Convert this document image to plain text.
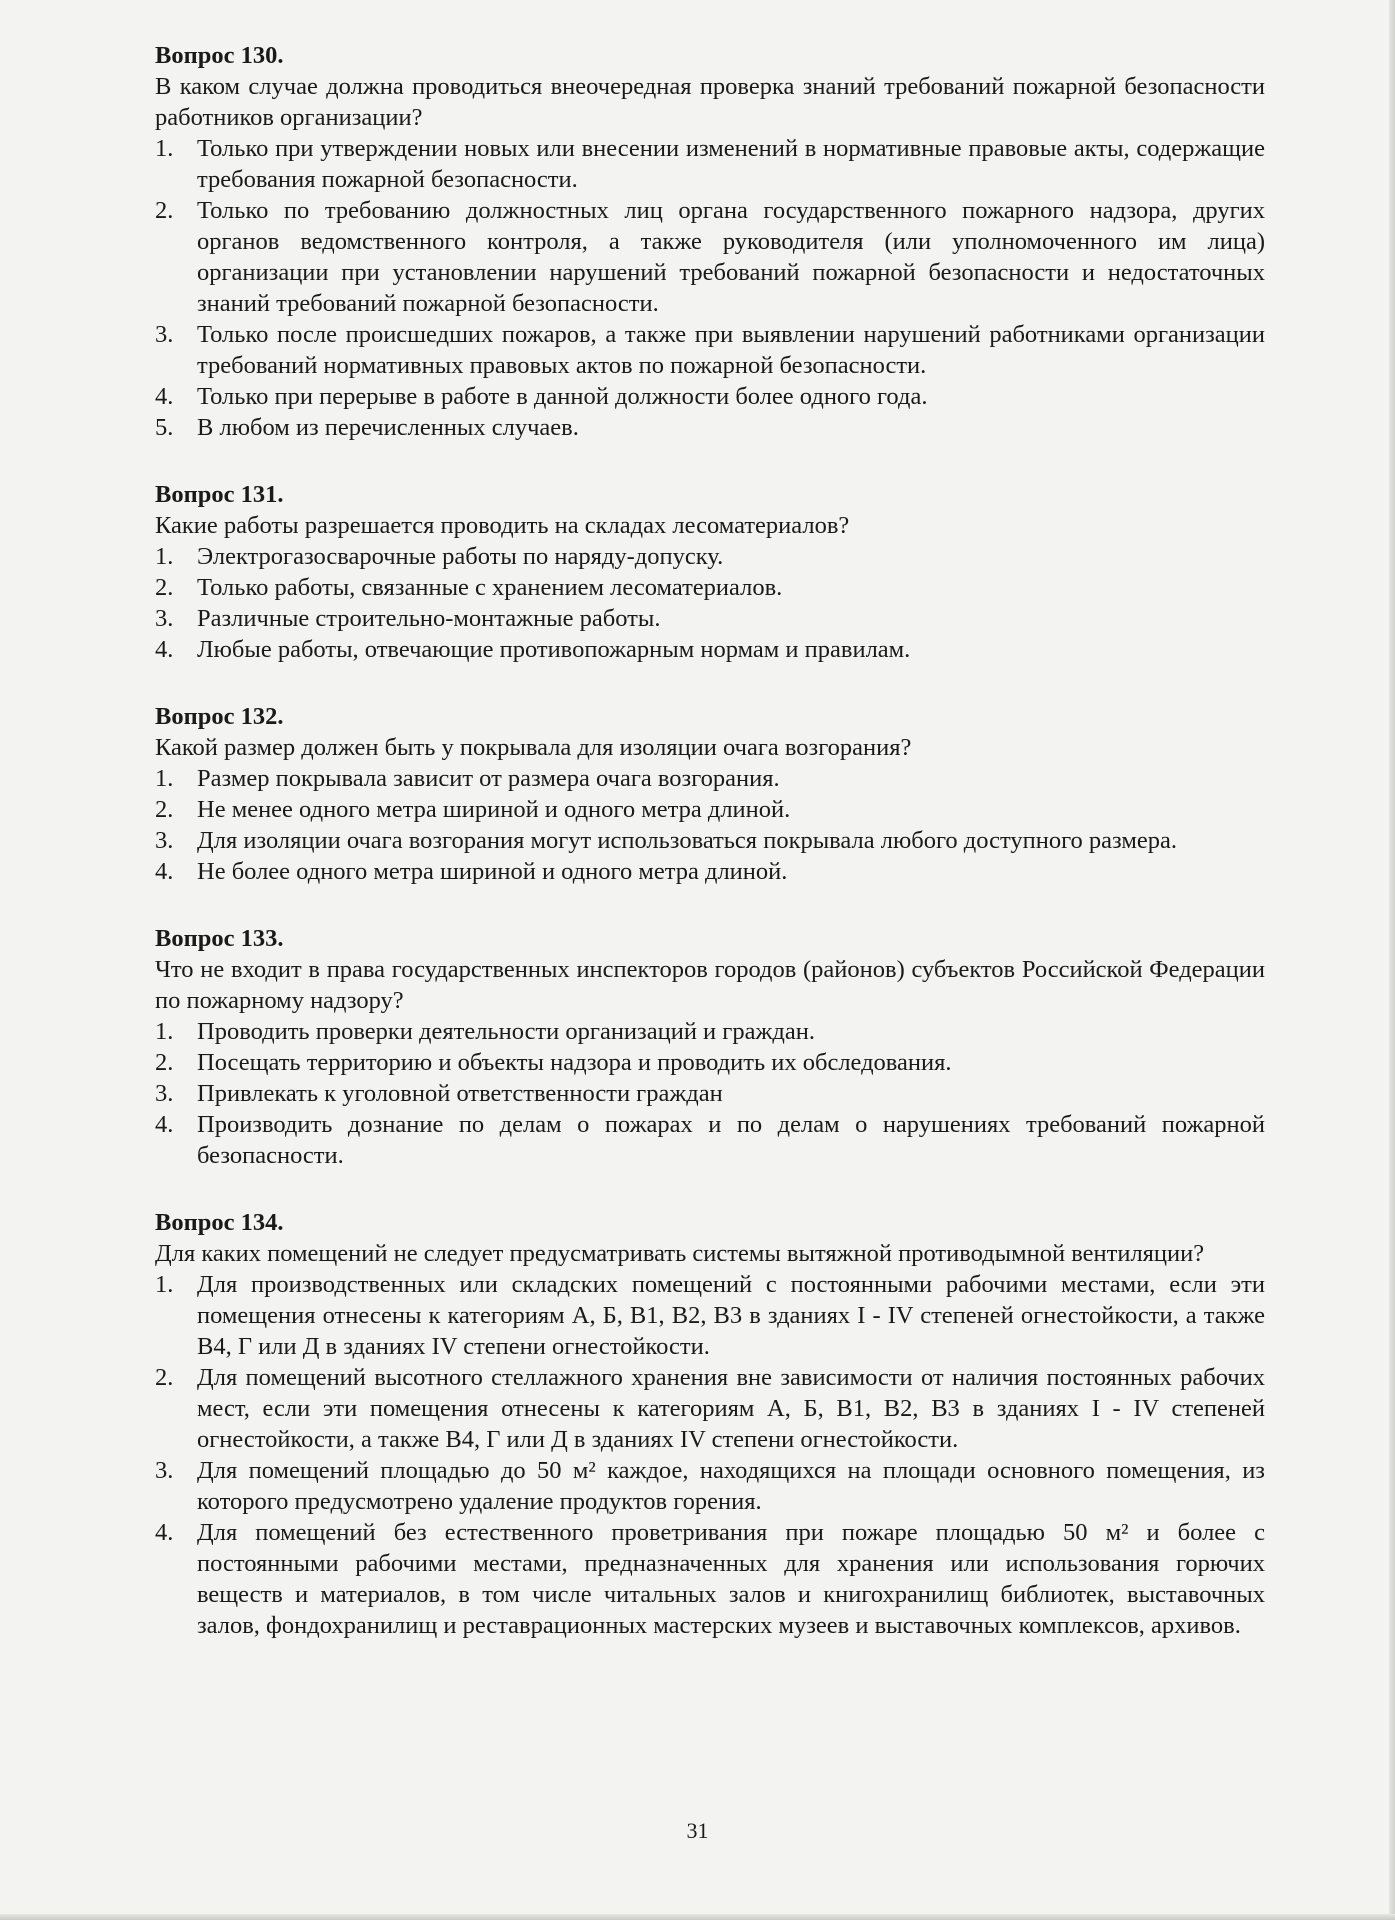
Вопрос 130.

В каком случае должна проводиться внеочередная проверка знаний требований пожарной безопасности работников организации?

1. Только при утверждении новых или внесении изменений в нормативные правовые акты, содержащие требования пожарной безопасности.
2. Только по требованию должностных лиц органа государственного пожарного надзора, других органов ведомственного контроля, а также руководителя (или уполномоченного им лица) организации при установлении нарушений требований пожарной безопасности и недостаточных знаний требований пожарной безопасности.
3. Только после происшедших пожаров, а также при выявлении нарушений работниками организации требований нормативных правовых актов по пожарной безопасности.
4. Только при перерыве в работе в данной должности более одного года.
5. В любом из перечисленных случаев.

Вопрос 131.

Какие работы разрешается проводить на складах лесоматериалов?

1. Электрогазосварочные работы по наряду-допуску.
2. Только работы, связанные с хранением лесоматериалов.
3. Различные строительно-монтажные работы.
4. Любые работы, отвечающие противопожарным нормам и правилам.

Вопрос 132.

Какой размер должен быть у покрывала для изоляции очага возгорания?

1. Размер покрывала зависит от размера очага возгорания.
2. Не менее одного метра шириной и одного метра длиной.
3. Для изоляции очага возгорания могут использоваться покрывала любого доступного размера.
4. Не более одного метра шириной и одного метра длиной.

Вопрос 133.

Что не входит в права государственных инспекторов городов (районов) субъектов Российской Федерации по пожарному надзору?

1. Проводить проверки деятельности организаций и граждан.
2. Посещать территорию и объекты надзора и проводить их обследования.
3. Привлекать к уголовной ответственности граждан
4. Производить дознание по делам о пожарах и по делам о нарушениях требований пожарной безопасности.

Вопрос 134.

Для каких помещений не следует предусматривать системы вытяжной противодымной вентиляции?

1. Для производственных или складских помещений с постоянными рабочими местами, если эти помещения отнесены к категориям А, Б, В1, В2, В3 в зданиях I - IV степеней огнестойкости, а также В4, Г или Д в зданиях IV степени огнестойкости.
2. Для помещений высотного стеллажного хранения вне зависимости от наличия постоянных рабочих мест, если эти помещения отнесены к категориям А, Б, В1, В2, В3 в зданиях I - IV степеней огнестойкости, а также В4, Г или Д в зданиях IV степени огнестойкости.
3. Для помещений площадью до 50 м² каждое, находящихся на площади основного помещения, из которого предусмотрено удаление продуктов горения.
4. Для помещений без естественного проветривания при пожаре площадью 50 м² и более с постоянными рабочими местами, предназначенных для хранения или использования горючих веществ и материалов, в том числе читальных залов и книгохранилищ библиотек, выставочных залов, фондохранилищ и реставрационных мастерских музеев и выставочных комплексов, архивов.
31
